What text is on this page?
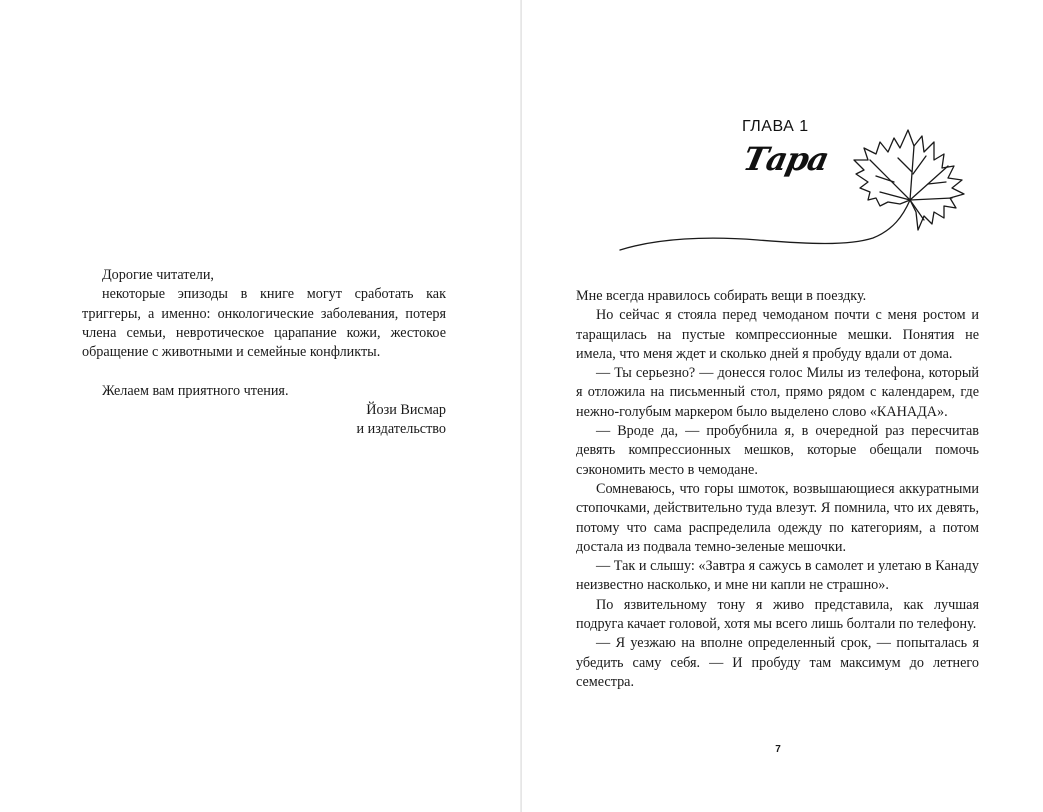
Дорогие читатели,

некоторые эпизоды в книге могут сработать как триггеры, а именно: онкологические заболевания, потеря члена семьи, невротическое царапание кожи, жестокое обращение с животными и семейные конфликты.

Желаем вам приятного чтения.

Йози Висмар

и издательство

ГЛАВА 1
Тара

Мне всегда нравилось собирать вещи в поездку.

Но сейчас я стояла перед чемоданом почти с меня ростом и таращилась на пустые компрессионные мешки. Понятия не имела, что меня ждет и сколько дней я пробуду вдали от дома.

— Ты серьезно? — донесся голос Милы из телефона, который я отложила на письменный стол, прямо рядом с календарем, где нежно-голубым маркером было выделено слово «КАНАДА».

— Вроде да, — пробубнила я, в очередной раз пересчитав девять компрессионных мешков, которые обещали помочь сэкономить место в чемодане.

Сомневаюсь, что горы шмоток, возвышающиеся аккуратными стопочками, действительно туда влезут. Я помнила, что их девять, потому что сама распределила одежду по категориям, а потом достала из подвала темно-зеленые мешочки.

— Так и слышу: «Завтра я сажусь в самолет и улетаю в Канаду неизвестно насколько, и мне ни капли не страшно».

По язвительному тону я живо представила, как лучшая подруга качает головой, хотя мы всего лишь болтали по телефону.

— Я уезжаю на вполне определенный срок, — попыталась я убедить саму себя. — И пробуду там максимум до летнего семестра.

7
